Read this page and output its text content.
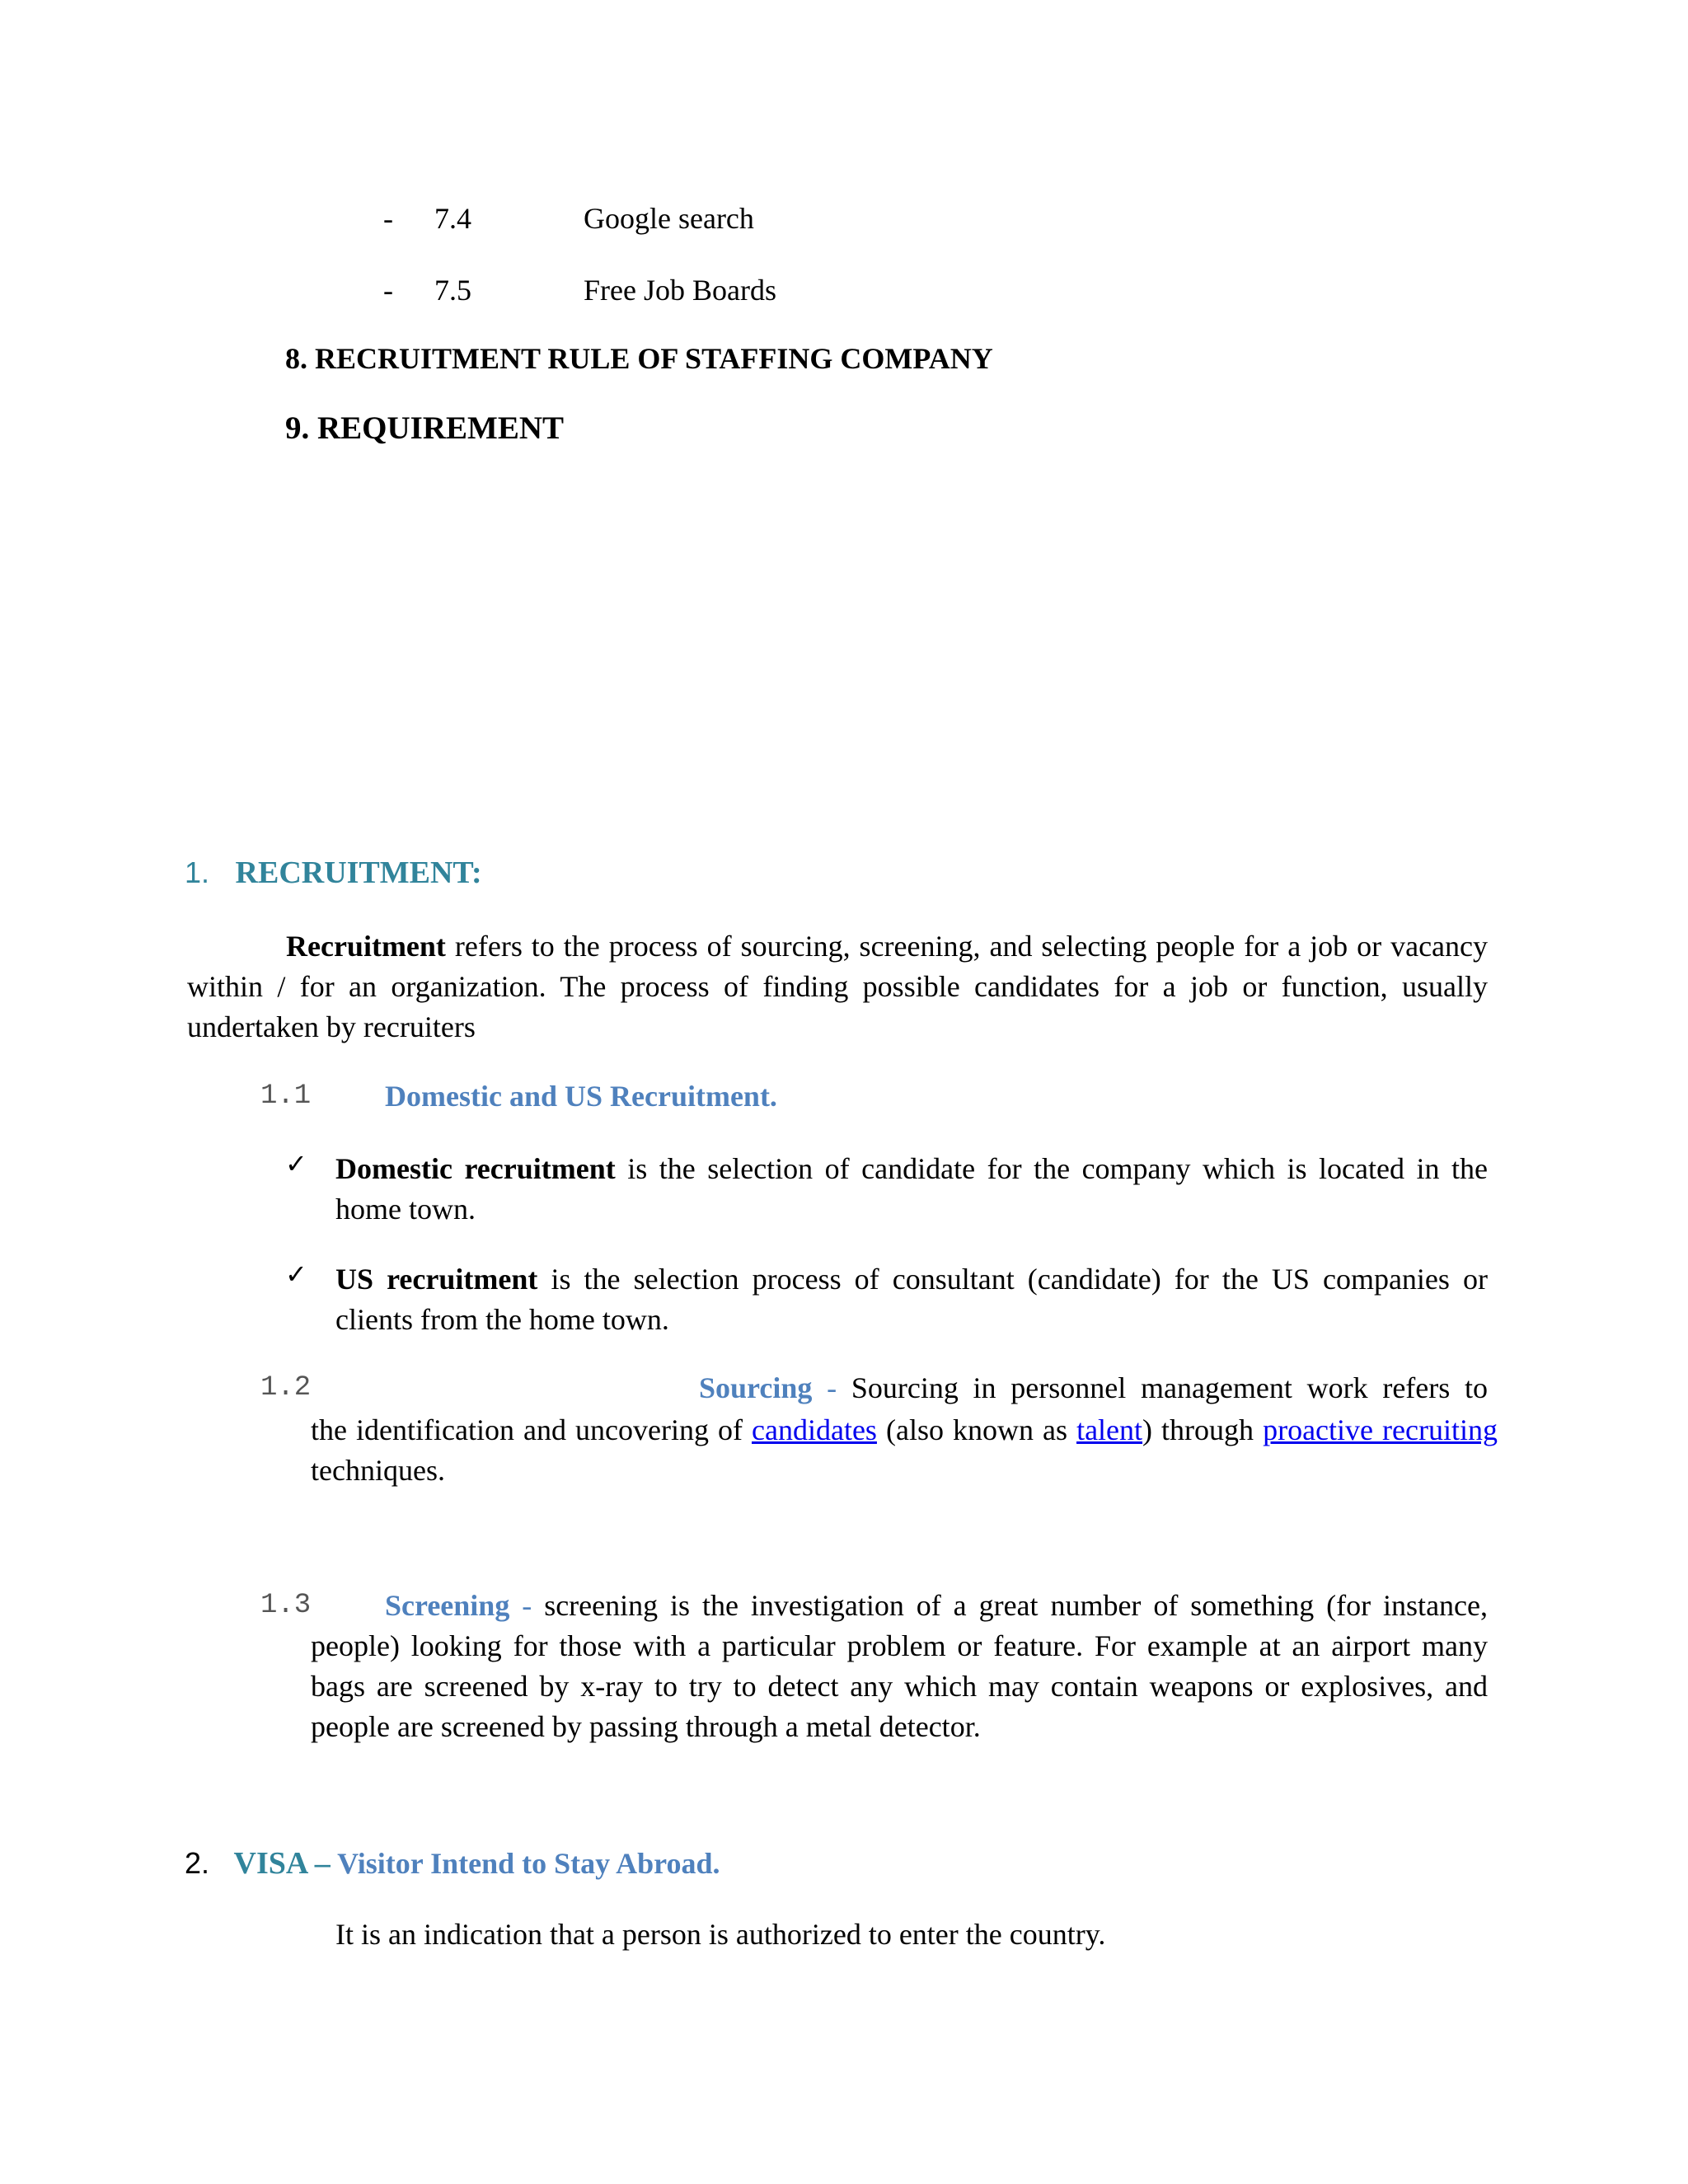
- 7.4	Google search
- 7.5	Free Job Boards
8. RECRUITMENT RULE OF STAFFING COMPANY
9. REQUIREMENT
1. RECRUITMENT:
Recruitment refers to the process of sourcing, screening, and selecting people for a job or vacancy within / for an organization. The process of finding possible candidates for a job or function, usually undertaken by recruiters
1.1 Domestic and US Recruitment.
✓ Domestic recruitment is the selection of candidate for the company which is located in the home town.
✓ US recruitment is the selection process of consultant (candidate) for the US companies or clients from the home town.
1.2	Sourcing - Sourcing in personnel management work refers to
the identification and uncovering of candidates (also known as talent) through proactive recruiting techniques.
1.3	Screening - screening is the investigation of a great number of something (for instance, people) looking for those with a particular problem or feature. For example at an airport many bags are screened by x-ray to try to detect any which may contain weapons or explosives, and people are screened by passing through a metal detector.
2. VISA – Visitor Intend to Stay Abroad.
It is an indication that a person is authorized to enter the country.
